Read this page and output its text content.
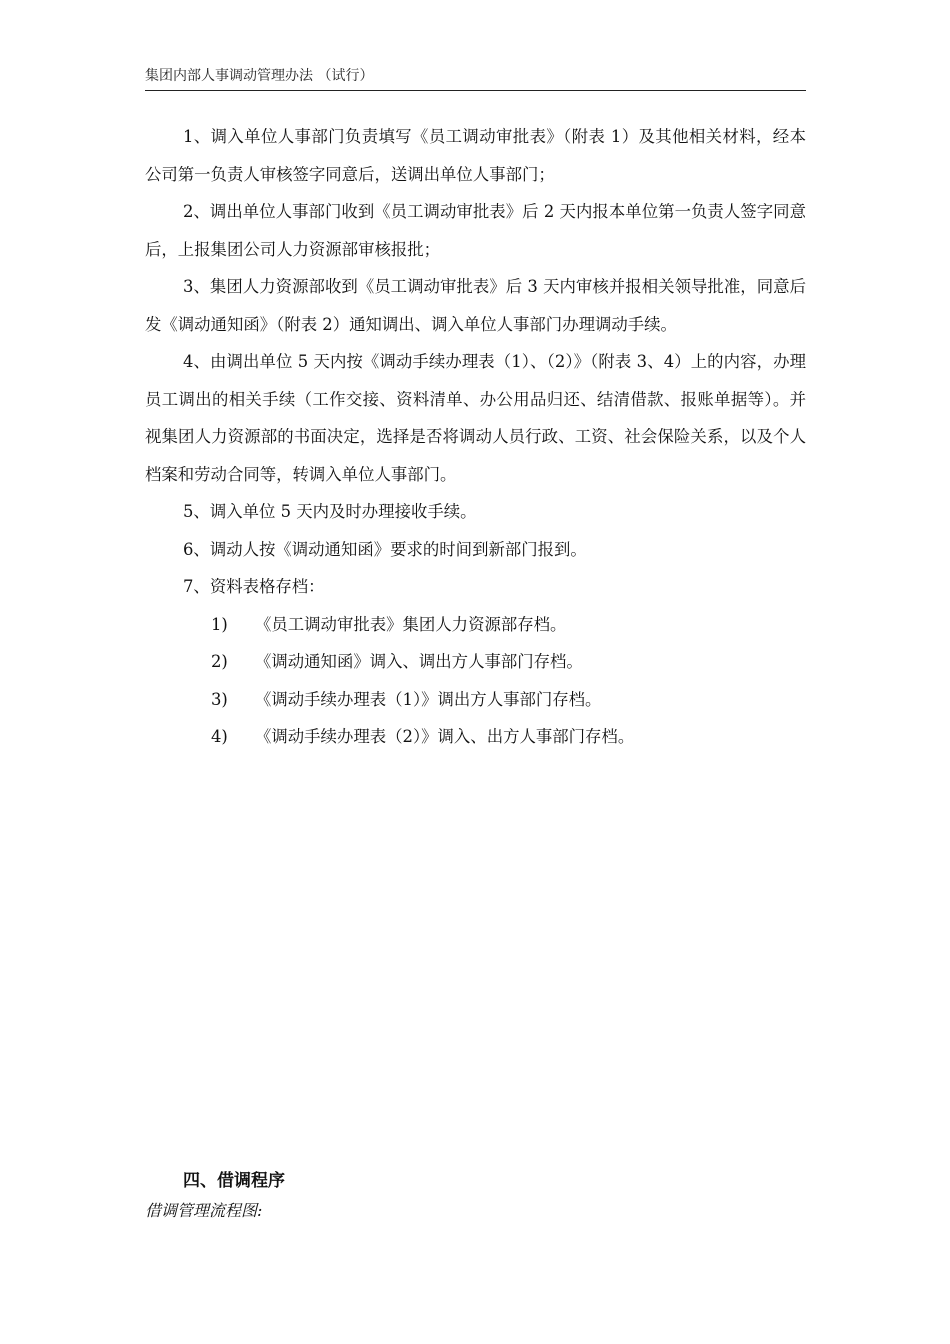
集团内部人事调动管理办法 （试行）

1、调入单位人事部门负责填写《员工调动审批表》（附表 1）及其他相关材料，经本公司第一负责人审核签字同意后，送调出单位人事部门；

2、调出单位人事部门收到《员工调动审批表》后 2 天内报本单位第一负责人签字同意后，上报集团公司人力资源部审核报批；

3、集团人力资源部收到《员工调动审批表》后 3 天内审核并报相关领导批准，同意后发《调动通知函》（附表 2）通知调出、调入单位人事部门办理调动手续。

4、由调出单位 5 天内按《调动手续办理表（1）、（2）》（附表 3、4）上的内容，办理员工调出的相关手续（工作交接、资料清单、办公用品归还、结清借款、报账单据等）。并视集团人力资源部的书面决定，选择是否将调动人员行政、工资、社会保险关系，以及个人档案和劳动合同等，转调入单位人事部门。

5、调入单位 5 天内及时办理接收手续。

6、调动人按《调动通知函》要求的时间到新部门报到。

7、资料表格存档：

1) 《员工调动审批表》集团人力资源部存档。
2) 《调动通知函》调入、调出方人事部门存档。
3) 《调动手续办理表（1）》调出方人事部门存档。
4) 《调动手续办理表（2）》调入、出方人事部门存档。
四、借调程序
借调管理流程图:
